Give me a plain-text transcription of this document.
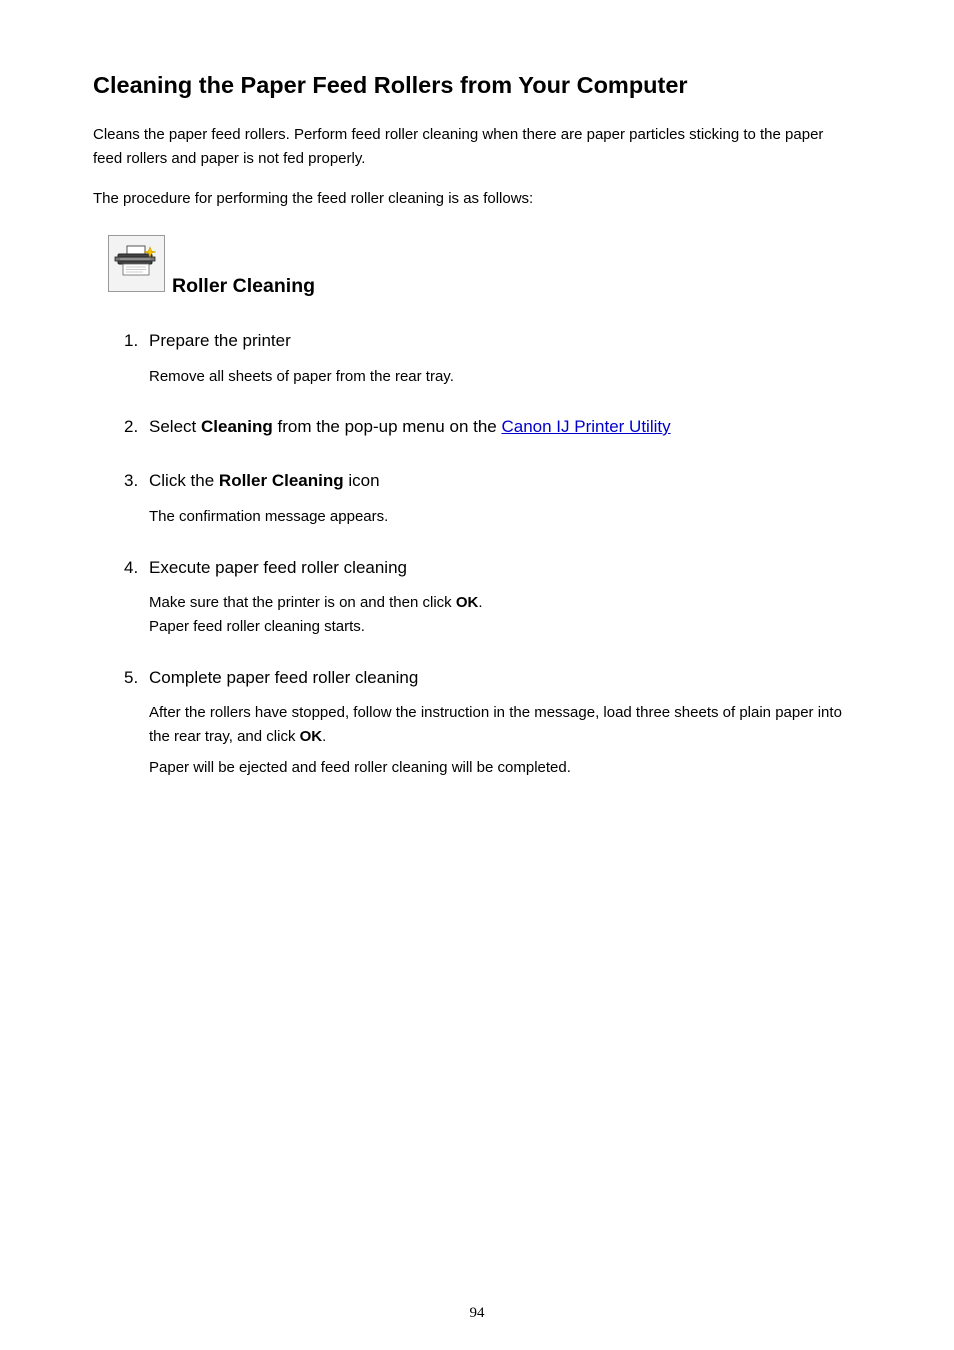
Cleaning the Paper Feed Rollers from Your Computer

Cleans the paper feed rollers. Perform feed roller cleaning when there are paper particles sticking to the paper feed rollers and paper is not fed properly.

The procedure for performing the feed roller cleaning is as follows:

Roller Cleaning
1. Prepare the printer
Remove all sheets of paper from the rear tray.
2. Select Cleaning from the pop-up menu on the Canon IJ Printer Utility
3. Click the Roller Cleaning icon
The confirmation message appears.
4. Execute paper feed roller cleaning
Make sure that the printer is on and then click OK.
Paper feed roller cleaning starts.
5. Complete paper feed roller cleaning
After the rollers have stopped, follow the instruction in the message, load three sheets of plain paper into the rear tray, and click OK.
Paper will be ejected and feed roller cleaning will be completed.
94
